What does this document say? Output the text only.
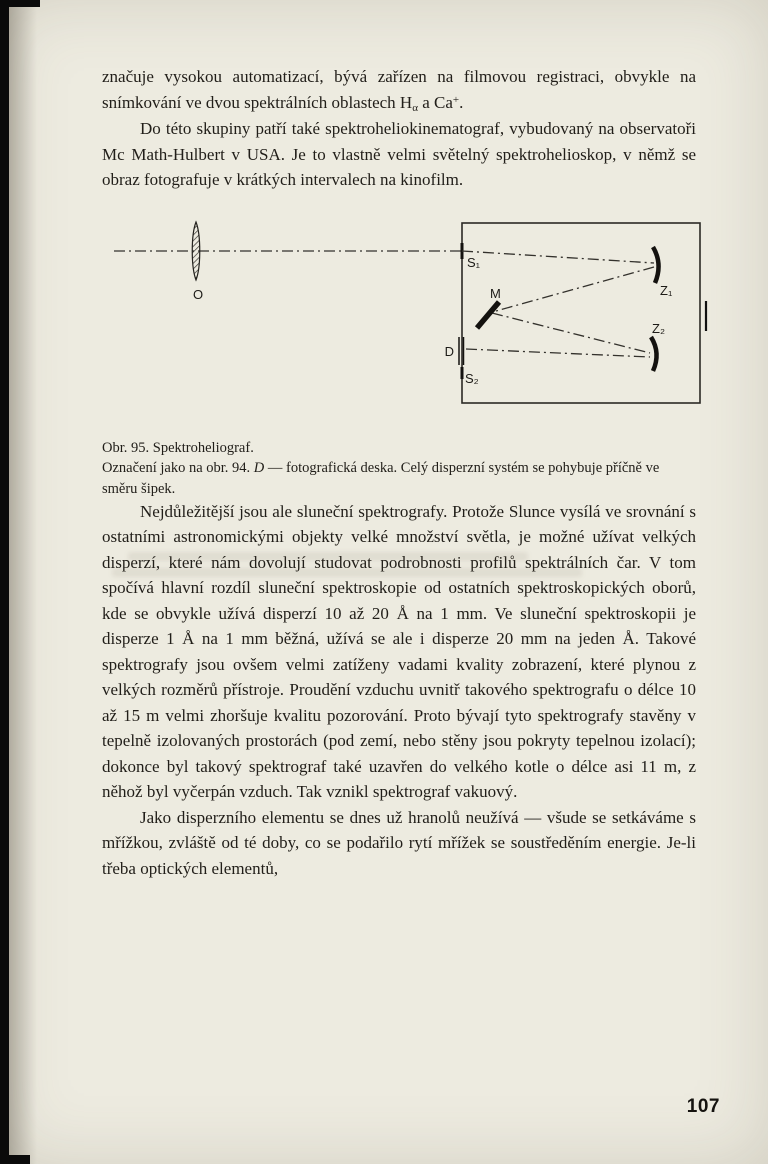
značuje vysokou automatizací, bývá zařízen na filmovou registraci, obvykle na snímkování ve dvou spektrálních oblastech $H_\alpha$ a Ca+.

Do této skupiny patří také spektroheliokinematograf, vybudovaný na observatoři Mc Math-Hulbert v USA. Je to vlastně velmi světelný spektrohelioskop, v němž se obraz fotografuje v krátkých intervalech na kinofilm.

O
S₁
M	Z₁
Z₂
D
S₂
Obr. 95. Spektroheliograf.
Označení jako na obr. 94. D — fotografická deska. Celý disperzní systém se pohybuje příčně ve směru šipek.

Nejdůležitější jsou ale sluneční spektrografy. Protože Slunce vysílá ve srovnání s ostatními astronomickými objekty velké množství světla, je možné užívat velkých disperzí, které nám dovolují studovat podrobnosti profilů spektrálních čar. V tom spočívá hlavní rozdíl sluneční spektroskopie od ostatních spektroskopických oborů, kde se obvykle užívá disperzí 10 až 20 Å na 1 mm. Ve sluneční spektroskopii je disperze 1 Å na 1 mm běžná, užívá se ale i disperze 20 mm na jeden Å. Takové spektrografy jsou ovšem velmi zatíženy vadami kvality zobrazení, které plynou z velkých rozměrů přístroje. Proudění vzduchu uvnitř takového spektrografu o délce 10 až 15 m velmi zhoršuje kvalitu pozorování. Proto bývají tyto spektrografy stavěny v tepelně izolovaných prostorách (pod zemí, nebo stěny jsou pokryty tepelnou izolací); dokonce byl takový spektrograf také uzavřen do velkého kotle o délce asi 11 m, z něhož byl vyčerpán vzduch. Tak vznikl spektrograf vakuový.

Jako disperzního elementu se dnes už hranolů neužívá — všude se setkáváme s mřížkou, zvláště od té doby, co se podařilo rytí mřížek se soustředěním energie. Je-li třeba optických elementů,

107
